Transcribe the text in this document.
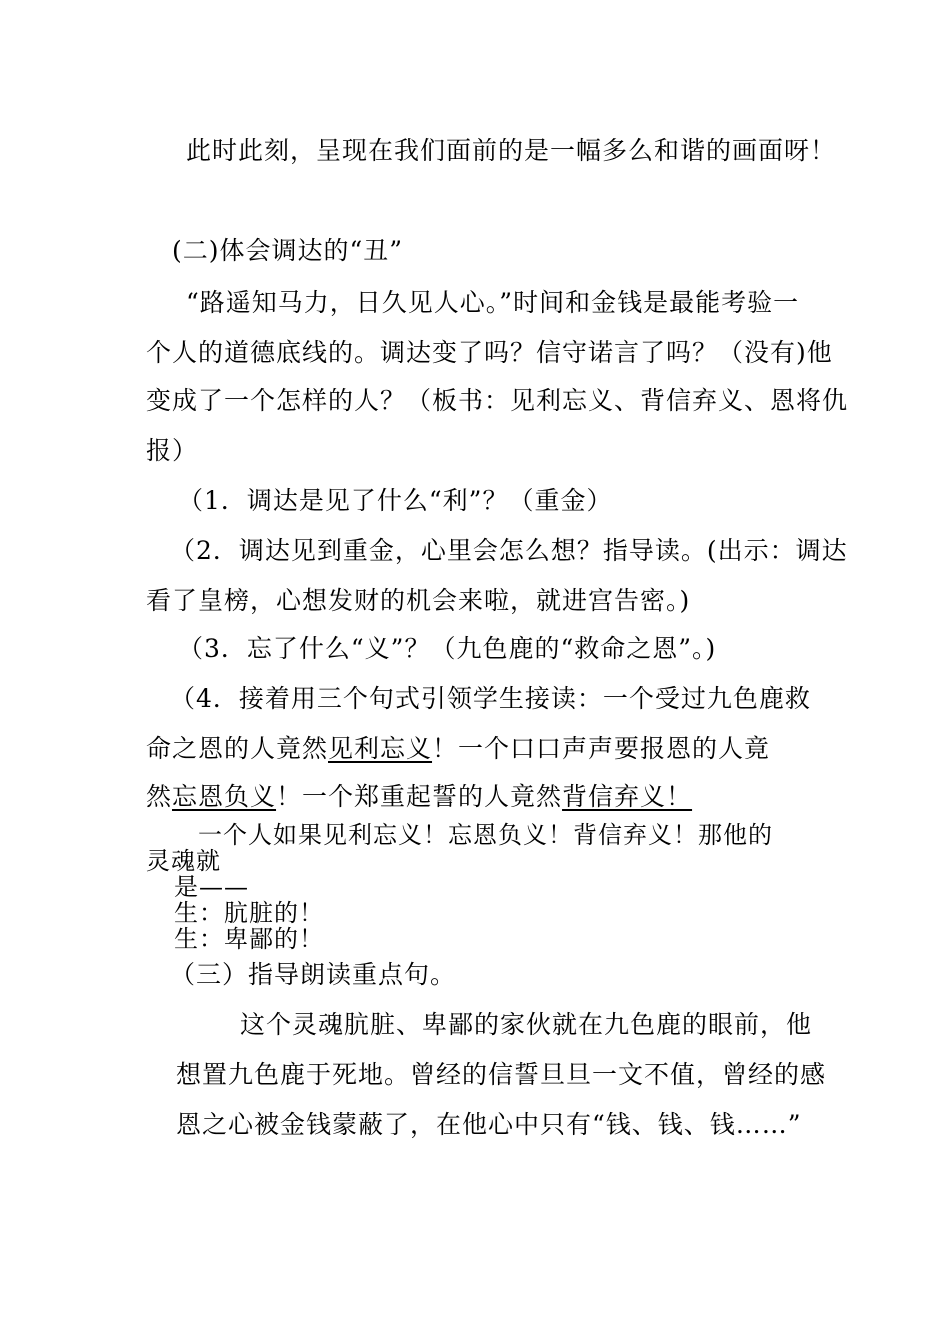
此时此刻，呈现在我们面前的是一幅多么和谐的画面呀！
(二)体会调达的“丑”
“路遥知马力，日久见人心。”时间和金钱是最能考验一
个人的道德底线的。调达变了吗？信守诺言了吗？（没有)他
变成了一个怎样的人？（板书：见利忘义、背信弃义、恩将仇
报）
（1．调达是见了什么“利”？（重金）
（2．调达见到重金，心里会怎么想？指导读。(出示：调达
看了皇榜，心想发财的机会来啦，就进宫告密。)
（3．忘了什么“义”？（九色鹿的“救命之恩”。)
（4．接着用三个句式引领学生接读：一个受过九色鹿救
命之恩的人竟然见利忘义！一个口口声声要报恩的人竟
然忘恩负义！一个郑重起誓的人竟然背信弃义！
一个人如果见利忘义！忘恩负义！背信弃义！那他的
灵魂就
是——
生：肮脏的！
生：卑鄙的！
（三）指导朗读重点句。
这个灵魂肮脏、卑鄙的家伙就在九色鹿的眼前，他
想置九色鹿于死地。曾经的信誓旦旦一文不值，曾经的感
恩之心被金钱蒙蔽了，在他心中只有“钱、钱、钱……”
